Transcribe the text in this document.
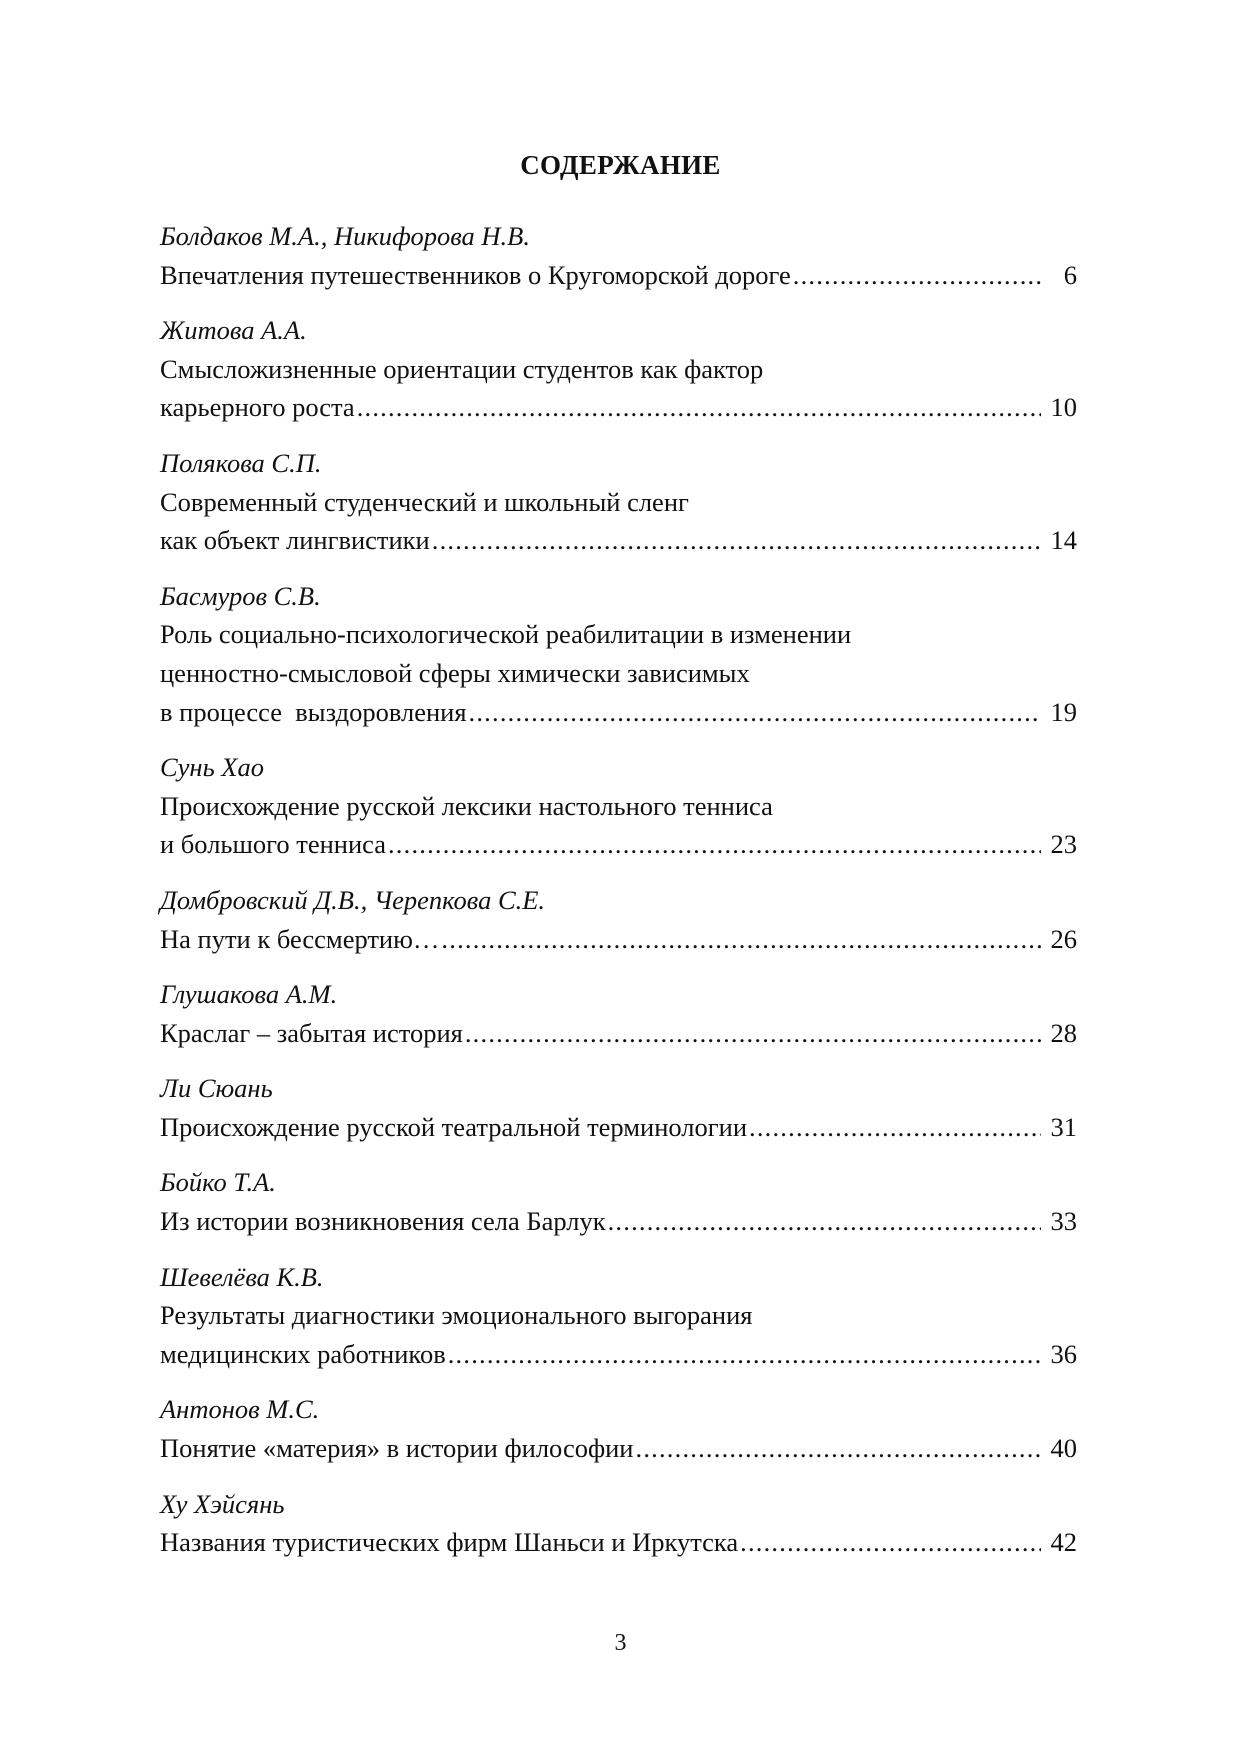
СОДЕРЖАНИЕ
Болдаков М.А., Никифорова Н.В.
Впечатления путешественников о Кругоморской дороге .....	6
Житова А.А.
Смысложизненные ориентации студентов как фактор
карьерного роста .....	10
Полякова С.П.
Современный студенческий и школьный сленг
как объект лингвистики .....	14
Басмуров С.В.
Роль социально-психологической реабилитации в изменении
ценностно-смысловой сферы химически зависимых
в процессе  выздоровления .....	19
Сунь Хао
Происхождение русской лексики настольного тенниса
и большого тенниса .....	23
Домбровский Д.В., Черепкова С.Е.
На пути к бессмертию… .....	26
Глушакова А.М.
Краслаг – забытая история .....	28
Ли Сюань
Происхождение русской театральной терминологии .....	31
Бойко Т.А.
Из истории возникновения села Барлук .....	33
Шевелёва К.В.
Результаты диагностики эмоционального выгорания
медицинских работников .....	36
Антонов М.С.
Понятие «материя» в истории философии .....	40
Ху Хэйсянь
Названия туристических фирм Шаньси и Иркутска .....	42
3
